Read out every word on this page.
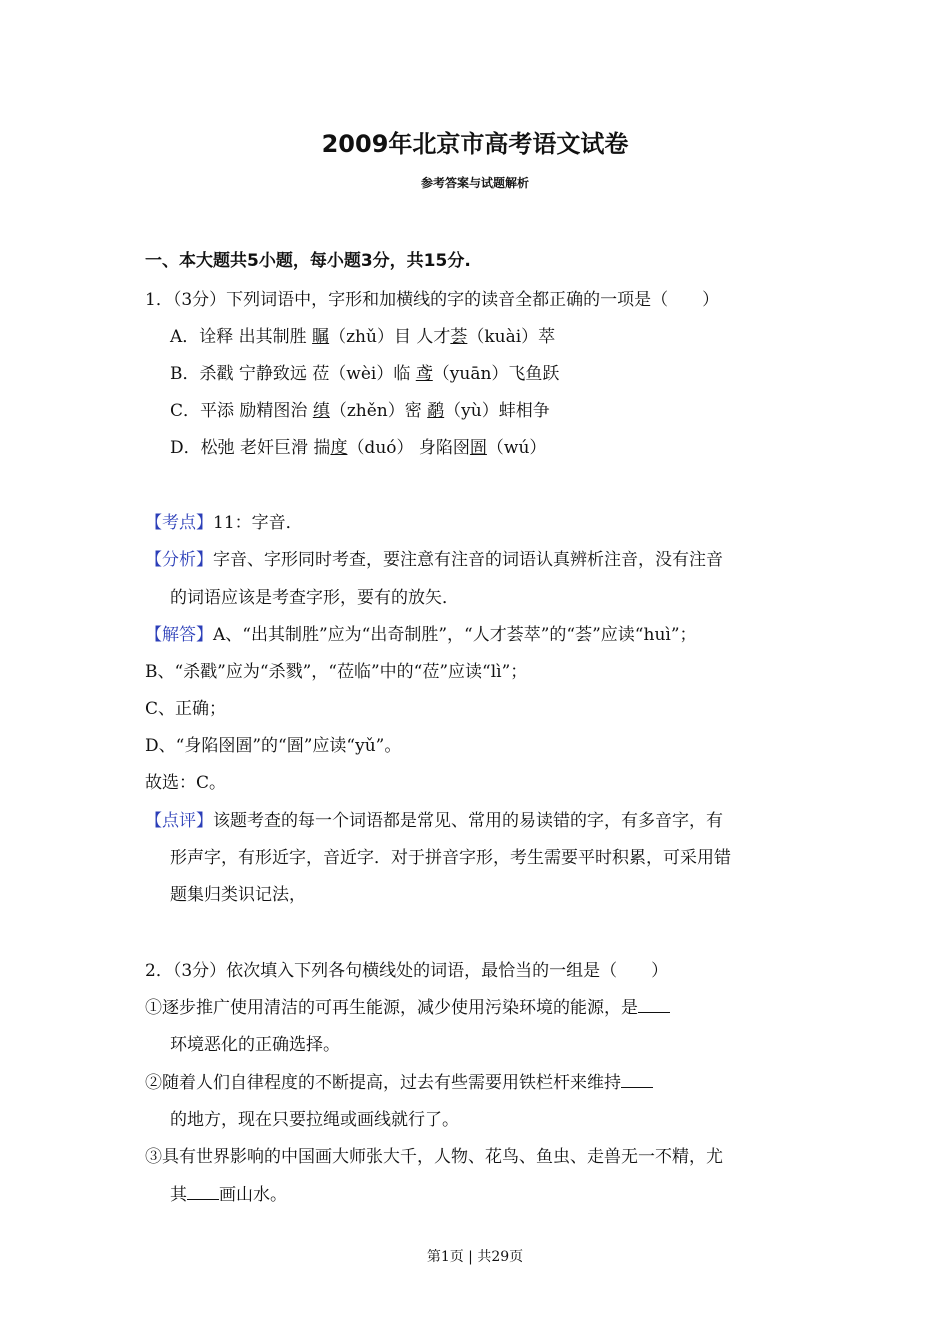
2009年北京市高考语文试卷
参考答案与试题解析
一、本大题共5小题，每小题3分，共15分.
1．（3分）下列词语中，字形和加横线的字的读音全都正确的一项是（　　）
A．诠释 出其制胜 瞩（zhǔ）目 人才荟（kuài）萃
B．杀戳 宁静致远 莅（wèi）临 鸢（yuān）飞鱼跃
C．平添 励精图治 缜（zhěn）密 鹬（yù）蚌相争
D．松弛 老奸巨滑 揣度（duó） 身陷囹圄（wú）
【考点】11：字音．
【分析】字音、字形同时考查，要注意有注音的词语认真辨析注音，没有注音
的词语应该是考查字形，要有的放矢．
【解答】A、“出其制胜”应为“出奇制胜”，“人才荟萃”的“荟”应读“huì”；
B、“杀戳”应为“杀戮”，“莅临”中的“莅”应读“lì”；
C、正确；
D、“身陷囹圄”的“圄”应读“yǔ”。
故选：C。
【点评】该题考查的每一个词语都是常见、常用的易读错的字，有多音字，有
形声字，有形近字，音近字．对于拼音字形，考生需要平时积累，可采用错
题集归类识记法，
2．（3分）依次填入下列各句横线处的词语，最恰当的一组是（　　）
①逐步推广使用清洁的可再生能源，减少使用污染环境的能源，是
环境恶化的正确选择。
②随着人们自律程度的不断提高，过去有些需要用铁栏杆来维持
的地方，现在只要拉绳或画线就行了。
③具有世界影响的中国画大师张大千，人物、花鸟、鱼虫、走兽无一不精，尤
其 画山水。
第1页 | 共29页
